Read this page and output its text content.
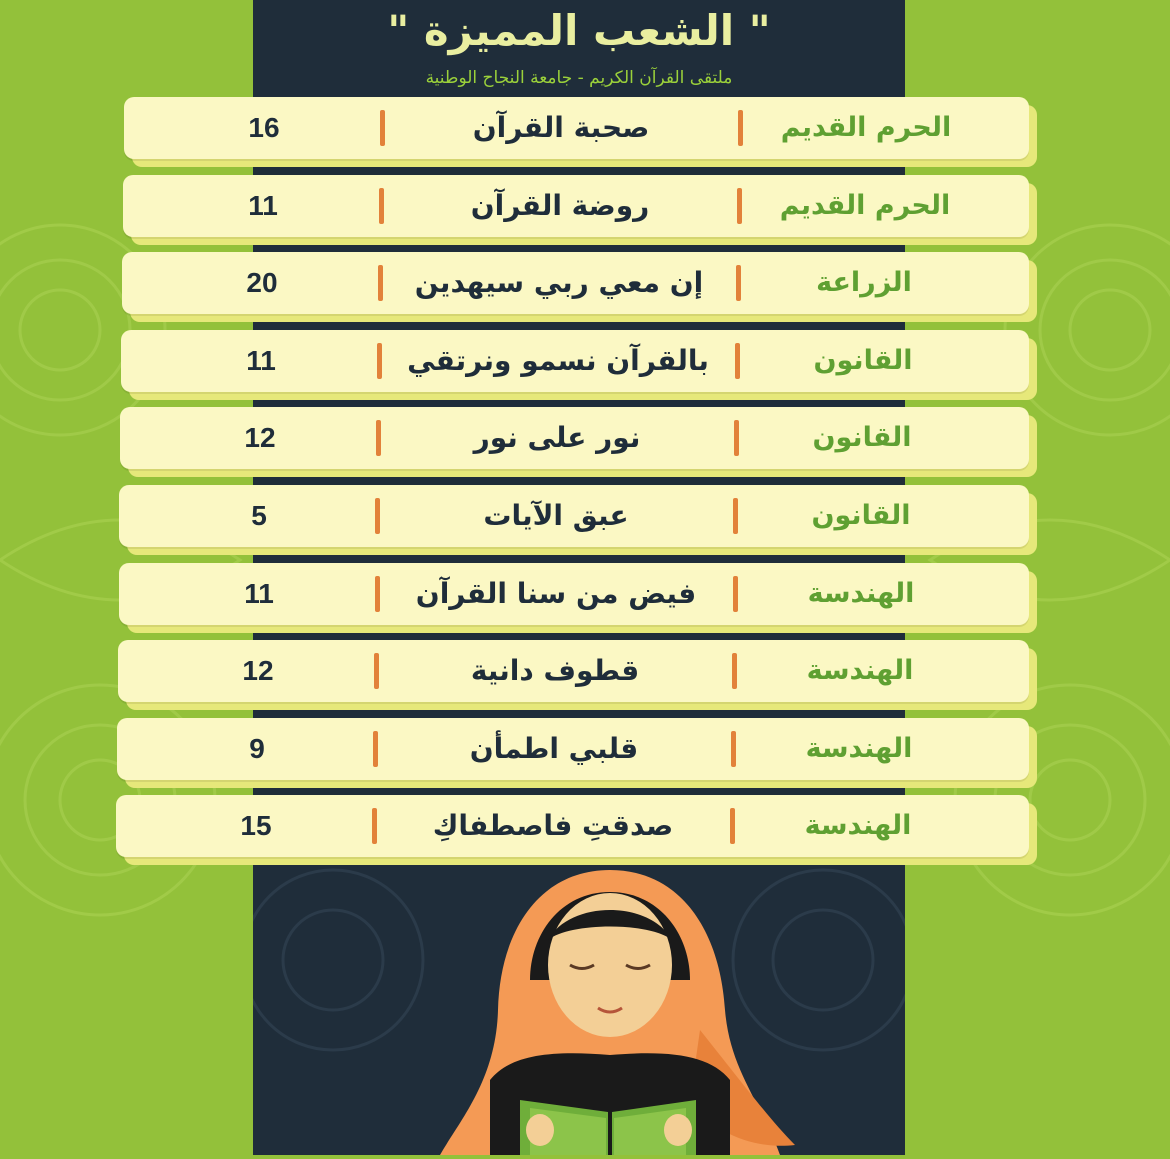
" الشعب المميزة "
ملتقى القرآن الكريم - جامعة النجاح الوطنية
الحرم القديم
صحبة القرآن
16
الحرم القديم
روضة القرآن
11
الزراعة
إن معي ربي سيهدين
20
القانون
بالقرآن نسمو ونرتقي
11
القانون
نور على نور
12
القانون
عبق الآيات
5
الهندسة
فيض من سنا القرآن
11
الهندسة
قطوف دانية
12
الهندسة
قلبي اطمأن
9
الهندسة
صدقتِ فاصطفاكِ
15
